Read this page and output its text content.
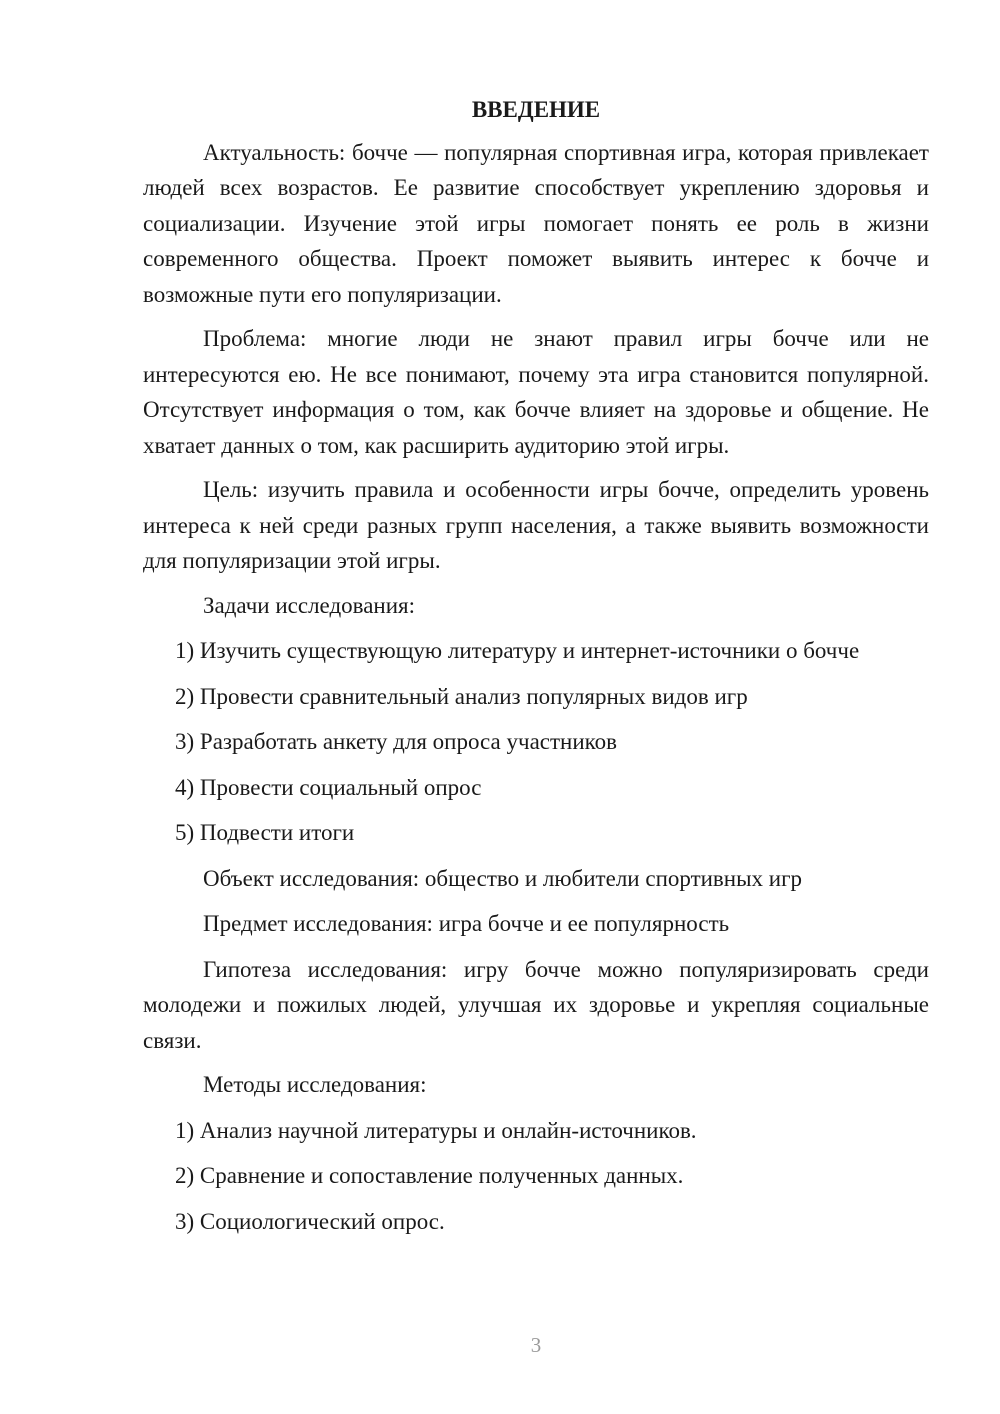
ВВЕДЕНИЕ

Актуальность: бочче — популярная спортивная игра, которая привлекает людей всех возрастов. Ее развитие способствует укреплению здоровья и социализации. Изучение этой игры помогает понять ее роль в жизни современного общества. Проект поможет выявить интерес к бочче и возможные пути его популяризации.

Проблема: многие люди не знают правил игры бочче или не интересуются ею. Не все понимают, почему эта игра становится популярной. Отсутствует информация о том, как бочче влияет на здоровье и общение. Не хватает данных о том, как расширить аудиторию этой игры.

Цель: изучить правила и особенности игры бочче, определить уровень интереса к ней среди разных групп населения, а также выявить возможности для популяризации этой игры.

Задачи исследования:

1) Изучить существующую литературу и интернет-источники о бочче

2) Провести сравнительный анализ популярных видов игр

3) Разработать анкету для опроса участников

4) Провести социальный опрос

5) Подвести итоги

Объект исследования: общество и любители спортивных игр

Предмет исследования: игра бочче и ее популярность

Гипотеза исследования: игру бочче можно популяризировать среди молодежи и пожилых людей, улучшая их здоровье и укрепляя социальные связи.

Методы исследования:

1) Анализ научной литературы и онлайн-источников.

2) Сравнение и сопоставление полученных данных.

3) Социологический опрос.

3
